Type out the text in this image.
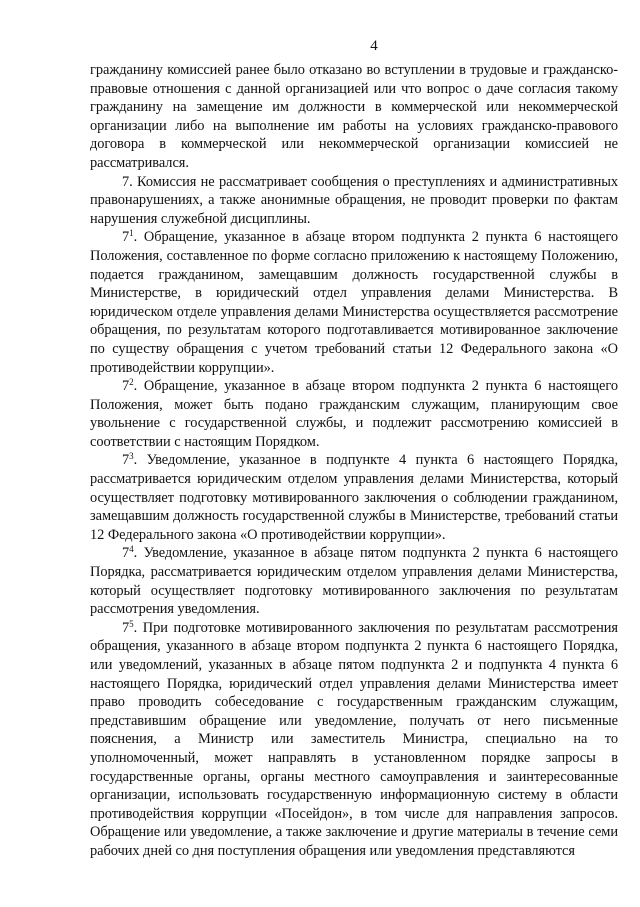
4

гражданину комиссией ранее было отказано во вступлении в трудовые и гражданско-правовые отношения с данной организацией или что вопрос о даче согласия такому гражданину на замещение им должности в коммерческой или некоммерческой организации либо на выполнение им работы на условиях гражданско-правового договора в коммерческой или некоммерческой организации комиссией не рассматривался.

7. Комиссия не рассматривает сообщения о преступлениях и административных правонарушениях, а также анонимные обращения, не проводит проверки по фактам нарушения служебной дисциплины.

$7^1$. Обращение, указанное в абзаце втором подпункта 2 пункта 6 настоящего Положения, составленное по форме согласно приложению к настоящему Положению, подается гражданином, замещавшим должность государственной службы в Министерстве, в юридический отдел управления делами Министерства. В юридическом отделе управления делами Министерства осуществляется рассмотрение обращения, по результатам которого подготавливается мотивированное заключение по существу обращения с учетом требований статьи 12 Федерального закона «О противодействии коррупции».

$7^2$. Обращение, указанное в абзаце втором подпункта 2 пункта 6 настоящего Положения, может быть подано гражданским служащим, планирующим свое увольнение с государственной службы, и подлежит рассмотрению комиссией в соответствии с настоящим Порядком.

$7^3$. Уведомление, указанное в подпункте 4 пункта 6 настоящего Порядка, рассматривается юридическим отделом управления делами Министерства, который осуществляет подготовку мотивированного заключения о соблюдении гражданином, замещавшим должность государственной службы в Министерстве, требований статьи 12 Федерального закона «О противодействии коррупции».

$7^4$. Уведомление, указанное в абзаце пятом подпункта 2 пункта 6 настоящего Порядка, рассматривается юридическим отделом управления делами Министерства, который осуществляет подготовку мотивированного заключения по результатам рассмотрения уведомления.

$7^5$. При подготовке мотивированного заключения по результатам рассмотрения обращения, указанного в абзаце втором подпункта 2 пункта 6 настоящего Порядка, или уведомлений, указанных в абзаце пятом подпункта 2 и подпункта 4 пункта 6 настоящего Порядка, юридический отдел управления делами Министерства имеет право проводить собеседование с государственным гражданским служащим, представившим обращение или уведомление, получать от него письменные пояснения, а Министр или заместитель Министра, специально на то уполномоченный, может направлять в установленном порядке запросы в государственные органы, органы местного самоуправления и заинтересованные организации, использовать государственную информационную систему в области противодействия коррупции «Посейдон», в том числе для направления запросов. Обращение или уведомление, а также заключение и другие материалы в течение семи рабочих дней со дня поступления обращения или уведомления представляются
